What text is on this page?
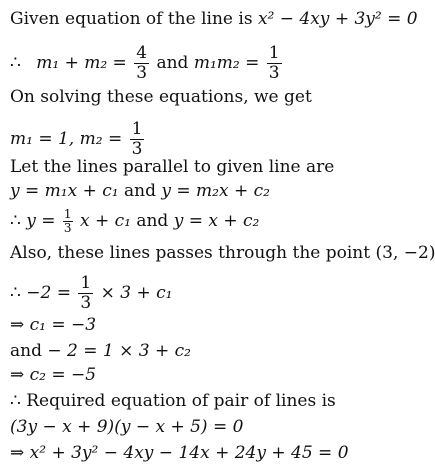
Given equation of the line is x² − 4xy + 3y² = 0
∴ $m_1 + m_2 = \frac{4}{3}$ and $m_1m_2 = \frac{1}{3}$
On solving these equations, we get
m₁ = 1, $m_2 = \frac{1}{3}$
Let the lines parallel to given line are
y = m₁x + c₁ and y = m₂x + c₂
∴ $y = \frac{1}{3}$ x + c₁ and y = x + c₂
Also, these lines passes through the point (3, −2)
∴ $-2 = \frac{1}{3} \times 3 + c_1$
⇒ c₁ = −3
and − 2 = 1 × 3 + c₂
⇒ c₂ = −5
∴ Required equation of pair of lines is
(3y − x + 9)(y − x + 5) = 0
⇒ x² + 3y² − 4xy − 14x + 24y + 45 = 0
